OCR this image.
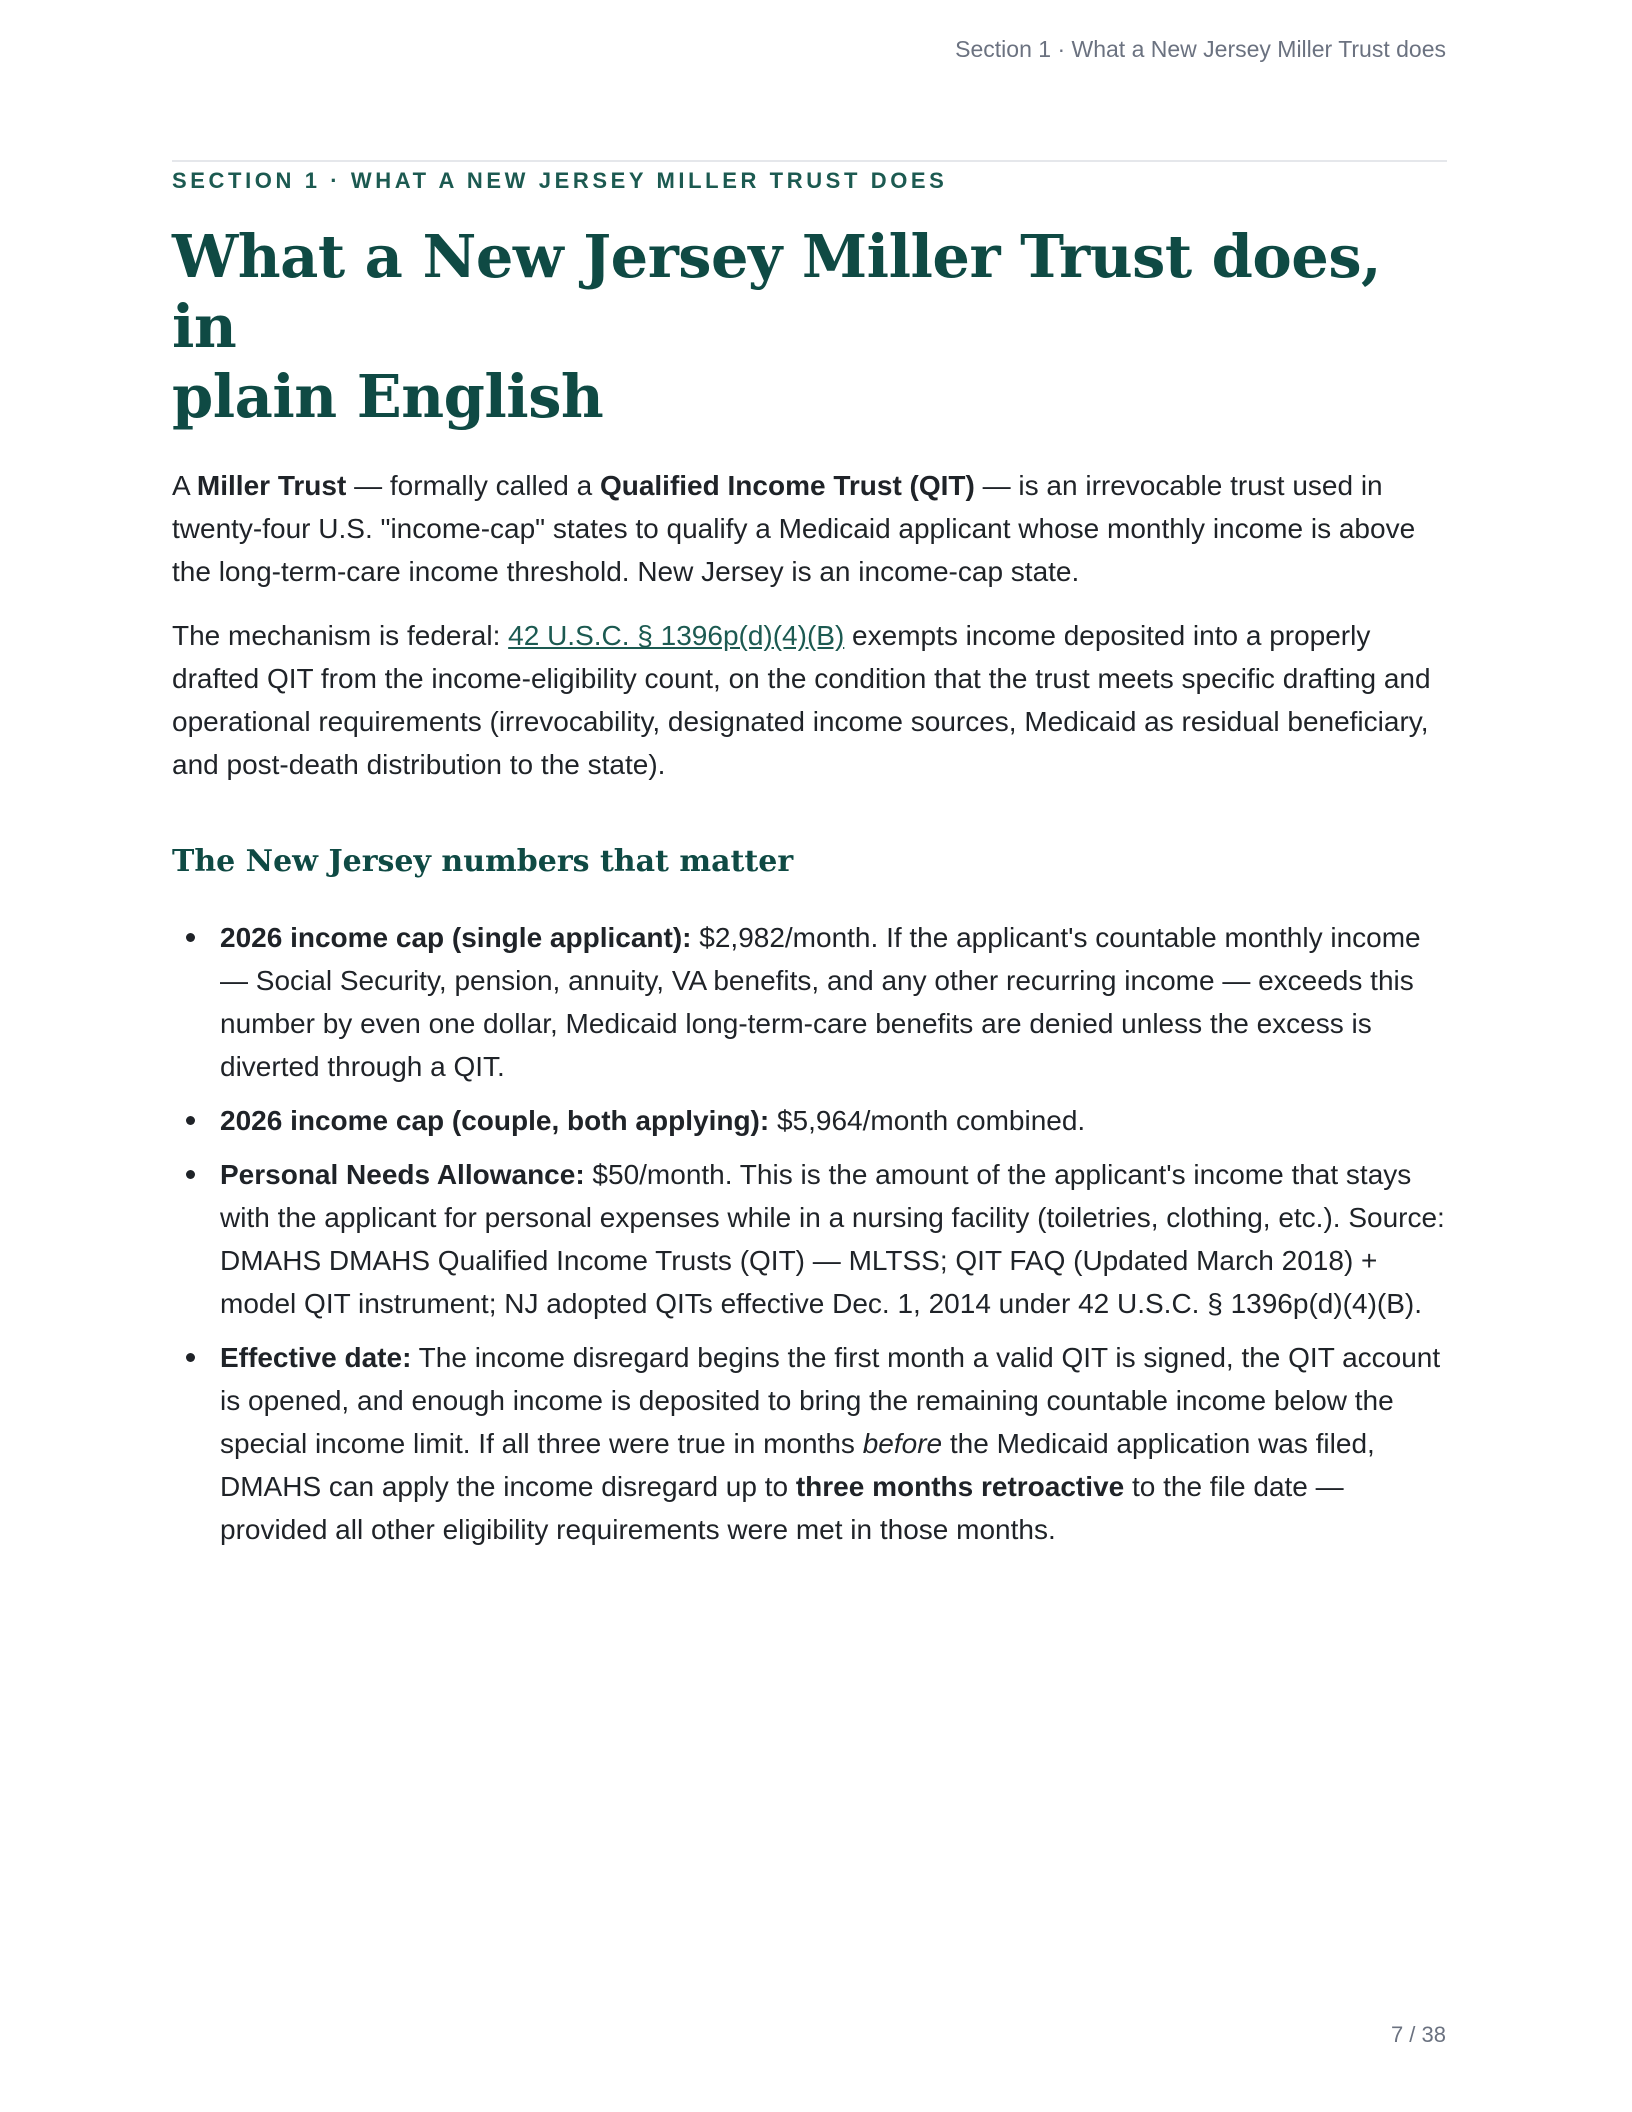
Section 1 · What a New Jersey Miller Trust does
SECTION 1 · WHAT A NEW JERSEY MILLER TRUST DOES
What a New Jersey Miller Trust does, in
plain English

A Miller Trust — formally called a Qualified Income Trust (QIT) — is an irrevocable trust used in twenty-four U.S. "income-cap" states to qualify a Medicaid applicant whose monthly income is above the long-term-care income threshold. New Jersey is an income-cap state.

The mechanism is federal: 42 U.S.C. § 1396p(d)(4)(B) exempts income deposited into a properly drafted QIT from the income-eligibility count, on the condition that the trust meets specific drafting and operational requirements (irrevocability, designated income sources, Medicaid as residual beneficiary, and post-death distribution to the state).

The New Jersey numbers that matter
2026 income cap (single applicant): $2,982/month. If the applicant's countable monthly income — Social Security, pension, annuity, VA benefits, and any other recurring income — exceeds this number by even one dollar, Medicaid long-term-care benefits are denied unless the excess is diverted through a QIT.
2026 income cap (couple, both applying): $5,964/month combined.
Personal Needs Allowance: $50/month. This is the amount of the applicant's income that stays with the applicant for personal expenses while in a nursing facility (toiletries, clothing, etc.). Source: DMAHS DMAHS Qualified Income Trusts (QIT) — MLTSS; QIT FAQ (Updated March 2018) + model QIT instrument; NJ adopted QITs effective Dec. 1, 2014 under 42 U.S.C. § 1396p(d)(4)(B).
Effective date: The income disregard begins the first month a valid QIT is signed, the QIT account is opened, and enough income is deposited to bring the remaining countable income below the special income limit. If all three were true in months before the Medicaid application was filed, DMAHS can apply the income disregard up to three months retroactive to the file date — provided all other eligibility requirements were met in those months.
7 / 38
